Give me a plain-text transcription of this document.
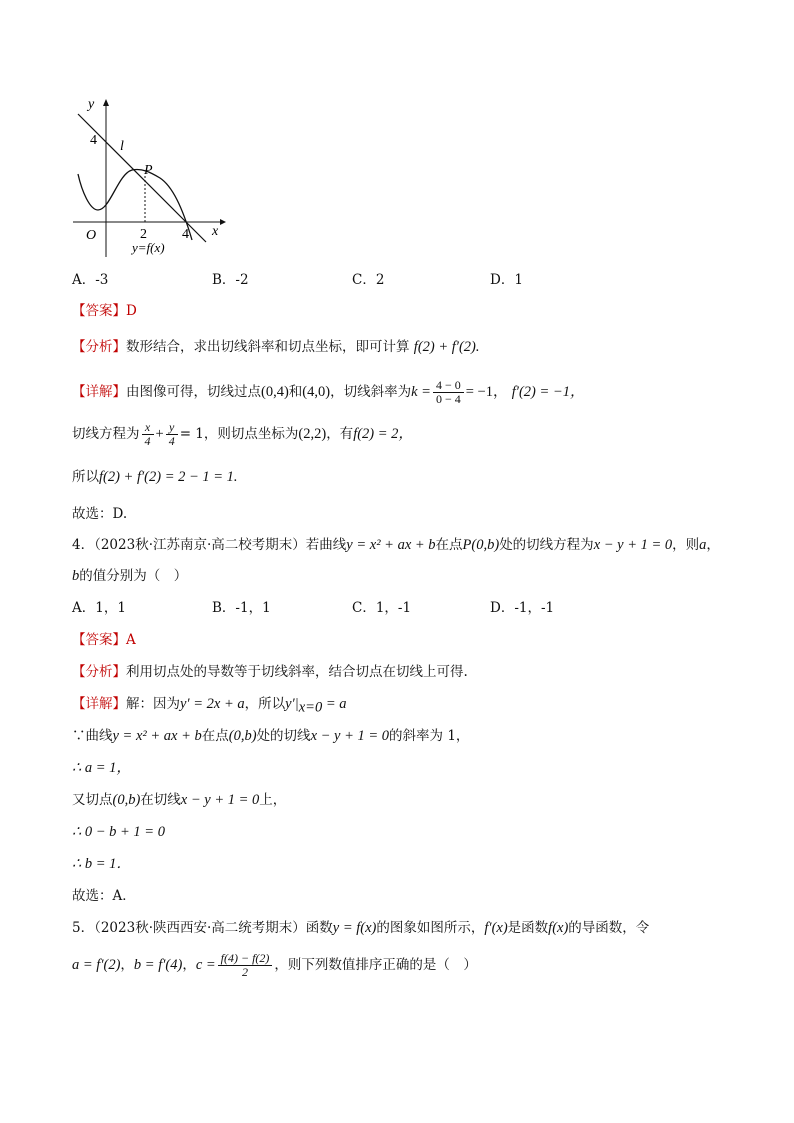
y
x
O
4
2	4
l
P
y=f(x)
A．-3	B．-2	C．2	D．1
【答案】D
【分析】数形结合，求出切线斜率和切点坐标，即可计算 f(2) + f′(2).
【详解】由图像可得，切线过点(0,4)和(4,0)，切线斜率为$k = \frac{4 - 0}{0 - 4} = -1$， f′(2) = −1，
切线方程为 $\frac{x}{4} + \frac{y}{4} = 1$，则切点坐标为(2,2)，有f(2) = 2，
所以f(2) + f′(2) = 2 − 1 = 1.
故选：D.
4．（2023秋·江苏南京·高二校考期末）若曲线y = x² + ax + b在点P(0,b)处的切线方程为x − y + 1 = 0，则a，
b的值分别为（　）
A．1，1	B．-1，1	C．1，-1	D．-1，-1
【答案】A
【分析】利用切点处的导数等于切线斜率，结合切点在切线上可得.
【详解】解：因为y′ = 2x + a，所以$y'|_{x=0} = a$
∵曲线y = x² + ax + b在点(0,b)处的切线x − y + 1 = 0的斜率为 1，
∴ a = 1，
又切点(0,b)在切线x − y + 1 = 0上，
∴ 0 − b + 1 = 0
∴ b = 1．
故选：A．
5．（2023秋·陕西西安·高二统考期末）函数y = f(x)的图象如图所示，f′(x)是函数f(x)的导函数，令
a = f′(2)，b = f′(4)，$c = \frac{f(4) - f(2)}{2}$ ，则下列数值排序正确的是（　）
